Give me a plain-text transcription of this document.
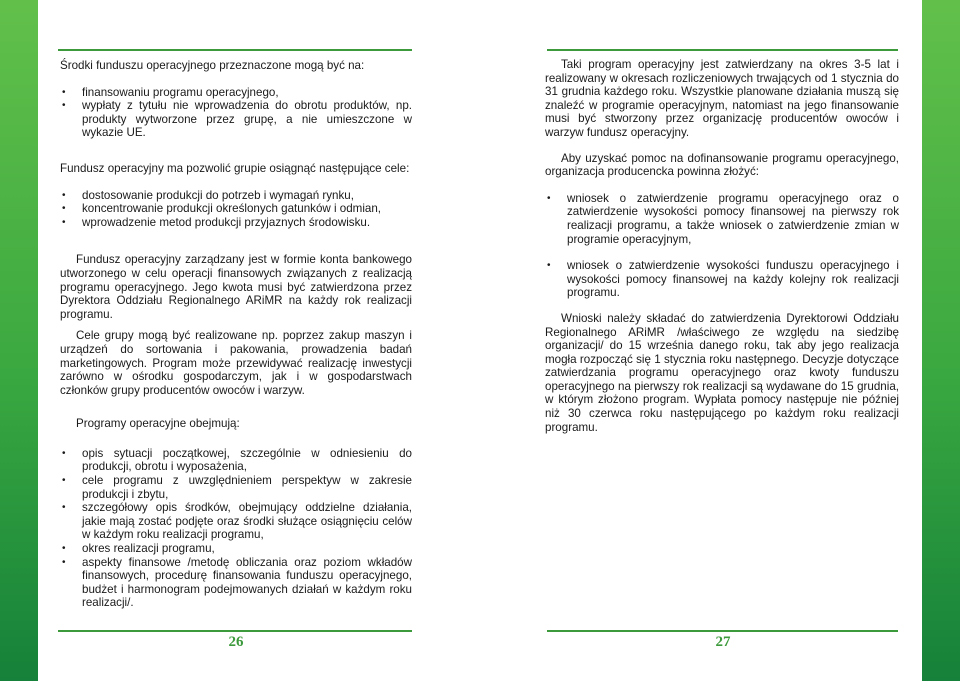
Środki funduszu operacyjnego przeznaczone mogą być na:

• finansowaniu programu operacyjnego,
• wypłaty z tytułu nie wprowadzenia do obrotu produktów, np. produkty wytworzone przez grupę, a nie umieszczone w wykazie UE.

Fundusz operacyjny ma pozwolić grupie osiągnąć następujące cele:

• dostosowanie produkcji do potrzeb i wymagań rynku,
• koncentrowanie produkcji określonych gatunków i odmian,
• wprowadzenie metod produkcji przyjaznych środowisku.

Fundusz operacyjny zarządzany jest w formie konta bankowego utworzonego w celu operacji finansowych związanych z realizacją programu operacyjnego. Jego kwota musi być zatwierdzona przez Dyrektora Oddziału Regionalnego ARiMR na każdy rok realizacji programu.

Cele grupy mogą być realizowane np. poprzez zakup maszyn i urządzeń do sortowania i pakowania, prowadzenia badań marketingowych. Program może przewidywać realizację inwestycji zarówno w ośrodku gospodarczym, jak i w gospodarstwach członków grupy producentów owoców i warzyw.

Programy operacyjne obejmują:

• opis sytuacji początkowej, szczególnie w odniesieniu do produkcji, obrotu i wyposażenia,
• cele programu z uwzględnieniem perspektyw w zakresie produkcji i zbytu,
• szczegółowy opis środków, obejmujący oddzielne działania, jakie mają zostać podjęte oraz środki służące osiągnięciu celów w każdym roku realizacji programu,
• okres realizacji programu,
• aspekty finansowe /metodę obliczania oraz poziom wkładów finansowych, procedurę finansowania funduszu operacyjnego, budżet i harmonogram podejmowanych działań w każdym roku realizacji/.
26

Taki program operacyjny jest zatwierdzany na okres 3-5 lat i realizowany w okresach rozliczeniowych trwających od 1 stycznia do 31 grudnia każdego roku. Wszystkie planowane działania muszą się znaleźć w programie operacyjnym, natomiast na jego finansowanie musi być stworzony przez organizację producentów owoców i warzyw fundusz operacyjny.

Aby uzyskać pomoc na dofinansowanie programu operacyjnego, organizacja producencka powinna złożyć:

• wniosek o zatwierdzenie programu operacyjnego oraz o zatwierdzenie wysokości pomocy finansowej na pierwszy rok realizacji programu, a także wniosek o zatwierdzenie zmian w programie operacyjnym,
• wniosek o zatwierdzenie wysokości funduszu operacyjnego i wysokości pomocy finansowej na każdy kolejny rok realizacji programu.

Wnioski należy składać do zatwierdzenia Dyrektorowi Oddziału Regionalnego ARiMR /właściwego ze względu na siedzibę organizacji/ do 15 września danego roku, tak aby jego realizacja mogła rozpocząć się 1 stycznia roku następnego. Decyzje dotyczące zatwierdzania programu operacyjnego oraz kwoty funduszu operacyjnego na pierwszy rok realizacji są wydawane do 15 grudnia, w którym złożono program. Wypłata pomocy następuje nie później niż 30 czerwca roku następującego po każdym roku realizacji programu.

27
